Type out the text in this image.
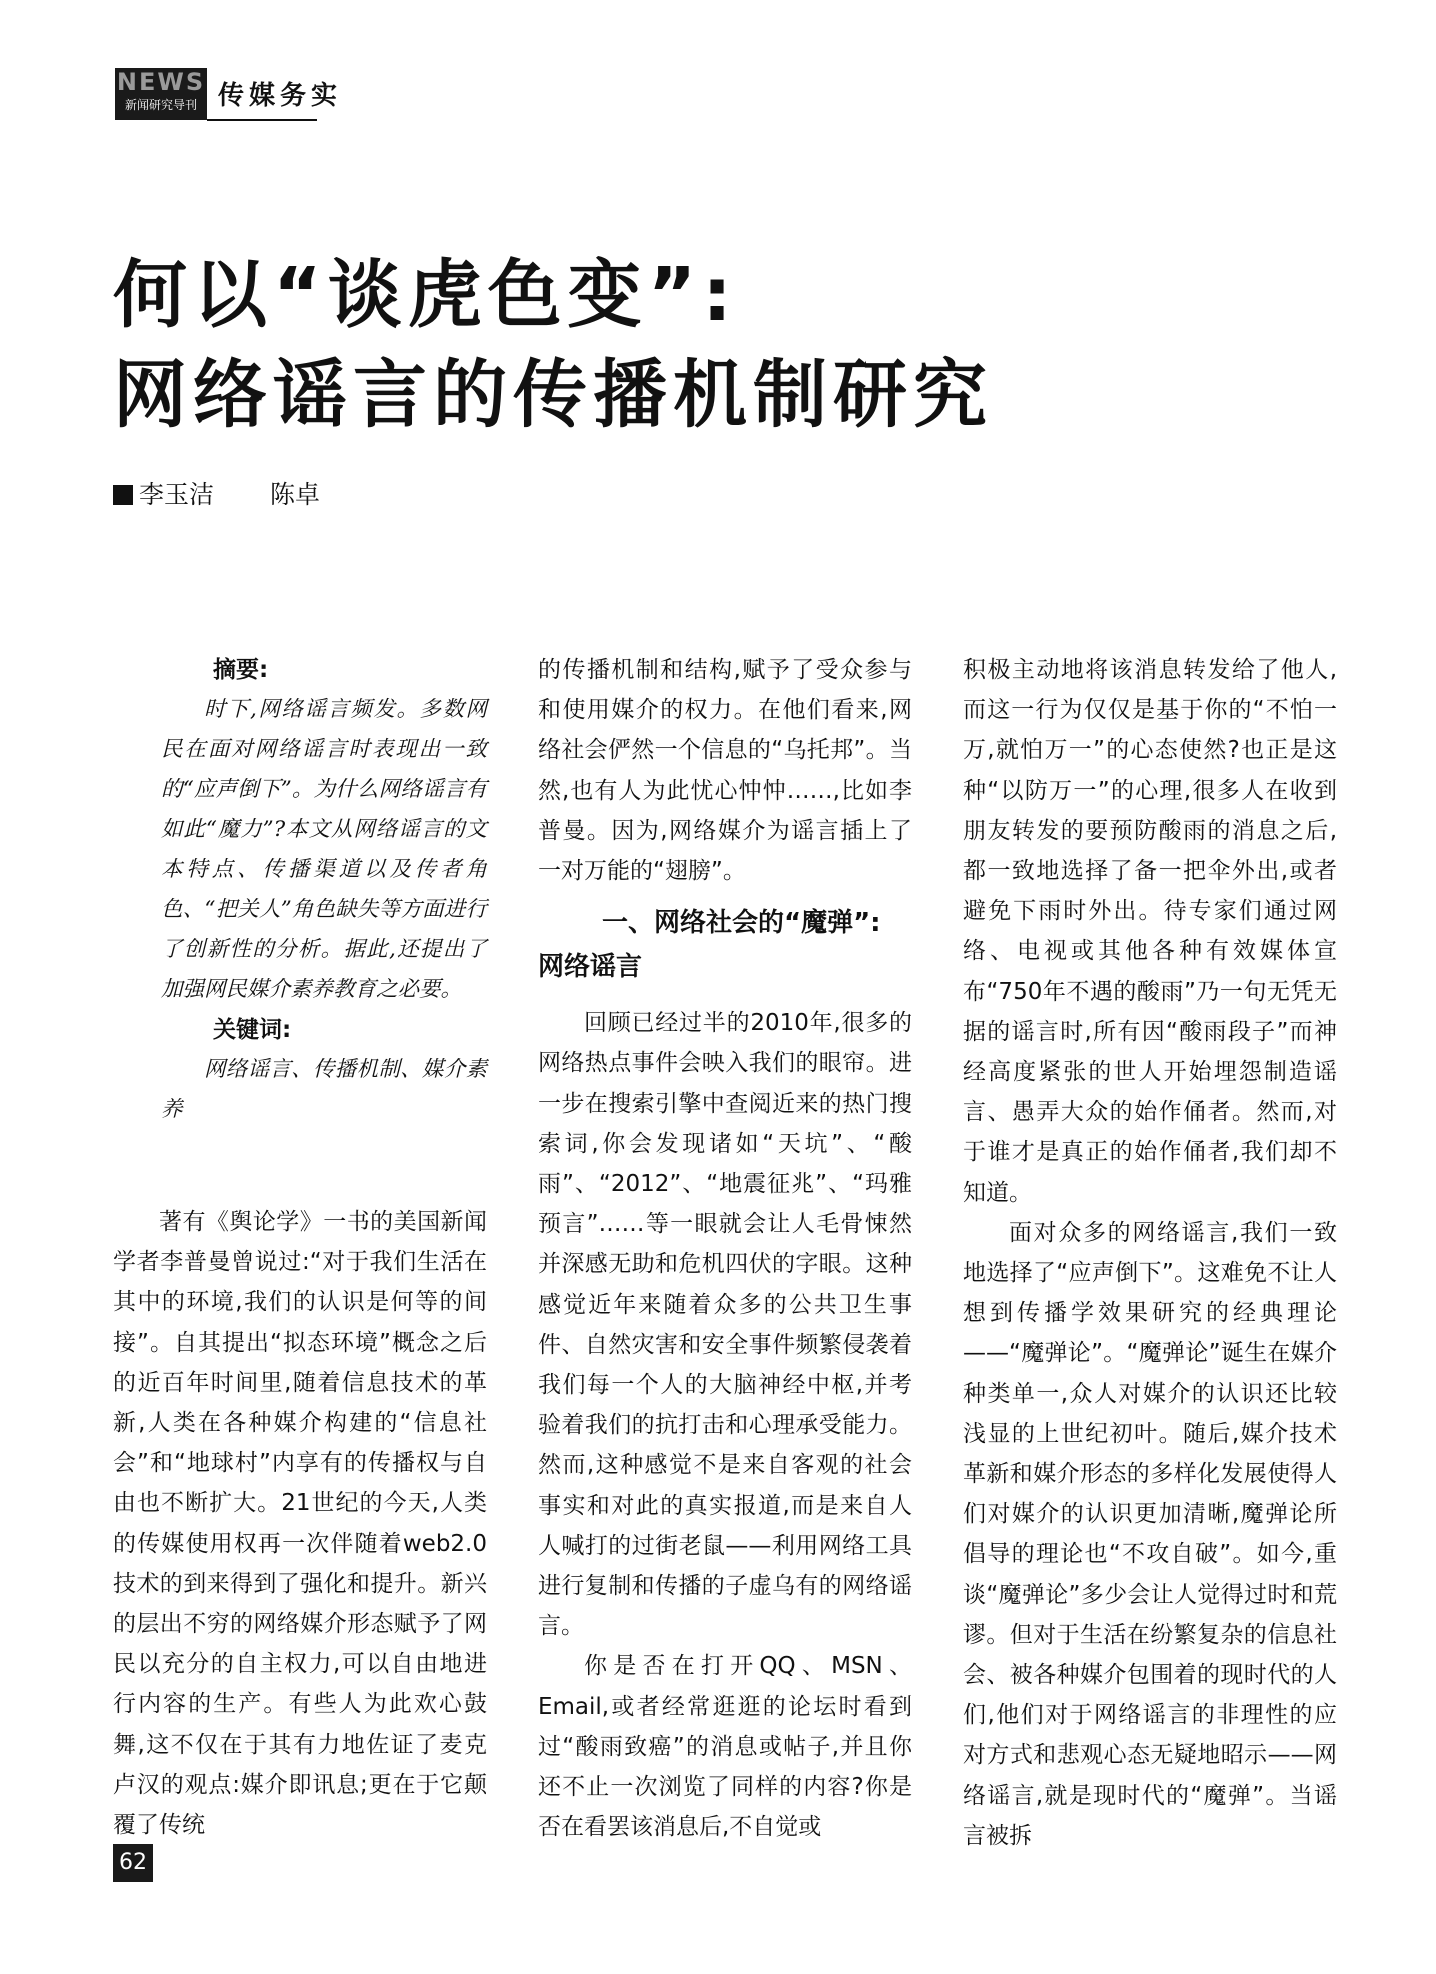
NEWS
新闻研究导刊 传媒务实
何以“谈虎色变”:
网络谣言的传播机制研究
李玉洁 陈卓
摘要:

时下,网络谣言频发。多数网民在面对网络谣言时表现出一致的“应声倒下”。为什么网络谣言有如此“魔力”?本文从网络谣言的文本特点、传播渠道以及传者角色、“把关人”角色缺失等方面进行了创新性的分析。据此,还提出了加强网民媒介素养教育之必要。

关键词:

网络谣言、传播机制、媒介素养

著有《舆论学》一书的美国新闻学者李普曼曾说过:“对于我们生活在其中的环境,我们的认识是何等的间接”。自其提出“拟态环境”概念之后的近百年时间里,随着信息技术的革新,人类在各种媒介构建的“信息社会”和“地球村”内享有的传播权与自由也不断扩大。21世纪的今天,人类的传媒使用权再一次伴随着web2.0技术的到来得到了强化和提升。新兴的层出不穷的网络媒介形态赋予了网民以充分的自主权力,可以自由地进行内容的生产。有些人为此欢心鼓舞,这不仅在于其有力地佐证了麦克卢汉的观点:媒介即讯息;更在于它颠覆了传统

的传播机制和结构,赋予了受众参与和使用媒介的权力。在他们看来,网络社会俨然一个信息的“乌托邦”。当然,也有人为此忧心忡忡……,比如李普曼。因为,网络媒介为谣言插上了一对万能的“翅膀”。

一、网络社会的“魔弹”:
网络谣言

回顾已经过半的2010年,很多的网络热点事件会映入我们的眼帘。进一步在搜索引擎中查阅近来的热门搜索词,你会发现诸如“天坑”、“酸雨”、“2012”、“地震征兆”、“玛雅预言”……等一眼就会让人毛骨悚然并深感无助和危机四伏的字眼。这种感觉近年来随着众多的公共卫生事件、自然灾害和安全事件频繁侵袭着我们每一个人的大脑神经中枢,并考验着我们的抗打击和心理承受能力。然而,这种感觉不是来自客观的社会事实和对此的真实报道,而是来自人人喊打的过街老鼠——利用网络工具进行复制和传播的子虚乌有的网络谣言。

你是否在打开QQ、MSN、Email,或者经常逛逛的论坛时看到过“酸雨致癌”的消息或帖子,并且你还不止一次浏览了同样的内容?你是否在看罢该消息后,不自觉或

积极主动地将该消息转发给了他人,而这一行为仅仅是基于你的“不怕一万,就怕万一”的心态使然?也正是这种“以防万一”的心理,很多人在收到朋友转发的要预防酸雨的消息之后,都一致地选择了备一把伞外出,或者避免下雨时外出。待专家们通过网络、电视或其他各种有效媒体宣布“750年不遇的酸雨”乃一句无凭无据的谣言时,所有因“酸雨段子”而神经高度紧张的世人开始埋怨制造谣言、愚弄大众的始作俑者。然而,对于谁才是真正的始作俑者,我们却不知道。

面对众多的网络谣言,我们一致地选择了“应声倒下”。这难免不让人想到传播学效果研究的经典理论——“魔弹论”。“魔弹论”诞生在媒介种类单一,众人对媒介的认识还比较浅显的上世纪初叶。随后,媒介技术革新和媒介形态的多样化发展使得人们对媒介的认识更加清晰,魔弹论所倡导的理论也“不攻自破”。如今,重谈“魔弹论”多少会让人觉得过时和荒谬。但对于生活在纷繁复杂的信息社会、被各种媒介包围着的现时代的人们,他们对于网络谣言的非理性的应对方式和悲观心态无疑地昭示——网络谣言,就是现时代的“魔弹”。当谣言被拆

62
